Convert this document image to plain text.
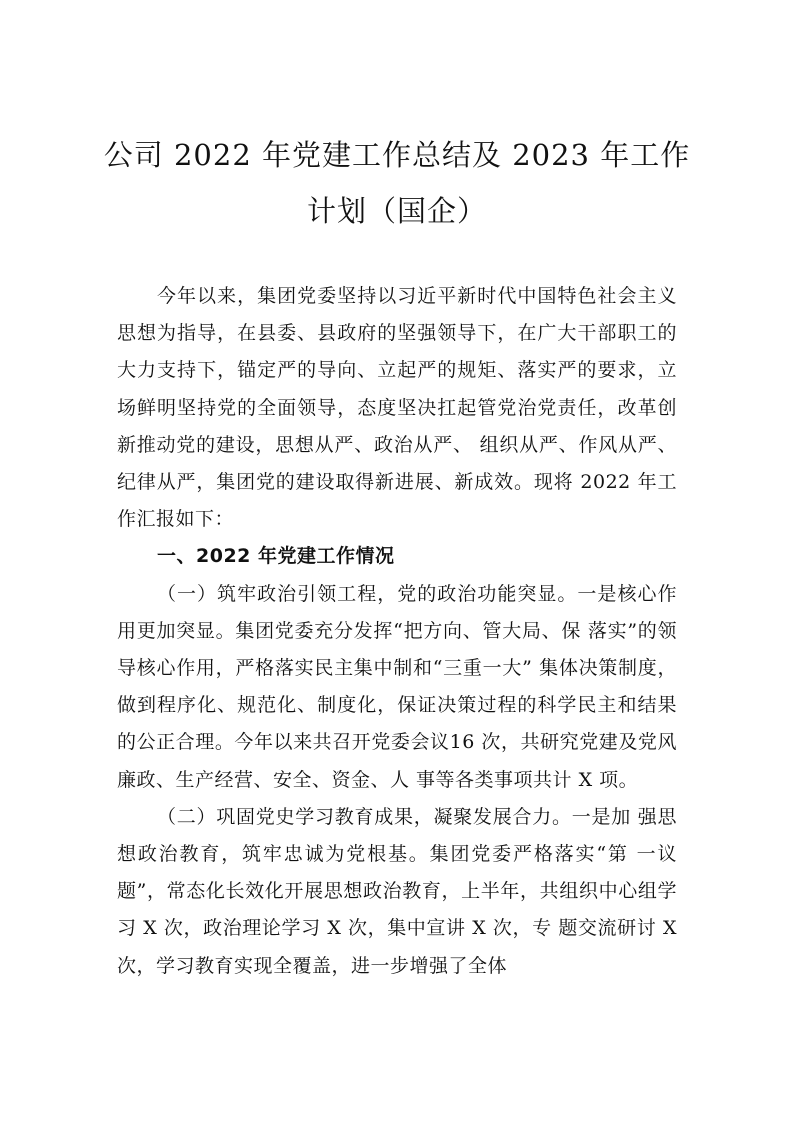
公司 2022 年党建工作总结及 2023 年工作
计划（国企）

今年以来，集团党委坚持以习近平新时代中国特色社会主义思想为指导，在县委、县政府的坚强领导下，在广大干部职工的大力支持下，锚定严的导向、立起严的规矩、落实严的要求，立场鲜明坚持党的全面领导，态度坚决扛起管党治党责任，改革创新推动党的建设，思想从严、政治从严、 组织从严、作风从严、纪律从严，集团党的建设取得新进展、新成效。现将 2022 年工作汇报如下：

一、2022 年党建工作情况

（一）筑牢政治引领工程，党的政治功能突显。一是核心作用更加突显。集团党委充分发挥“把方向、管大局、保 落实”的领导核心作用，严格落实民主集中制和“三重一大” 集体决策制度，做到程序化、规范化、制度化，保证决策过程的科学民主和结果的公正合理。今年以来共召开党委会议16 次，共研究党建及党风廉政、生产经营、安全、资金、人 事等各类事项共计 X 项。

（二）巩固党史学习教育成果，凝聚发展合力。一是加 强思想政治教育，筑牢忠诚为党根基。集团党委严格落实“第 一议题”，常态化长效化开展思想政治教育，上半年，共组织中心组学习 X 次，政治理论学习 X 次，集中宣讲 X 次，专 题交流研讨 X 次，学习教育实现全覆盖，进一步增强了全体
